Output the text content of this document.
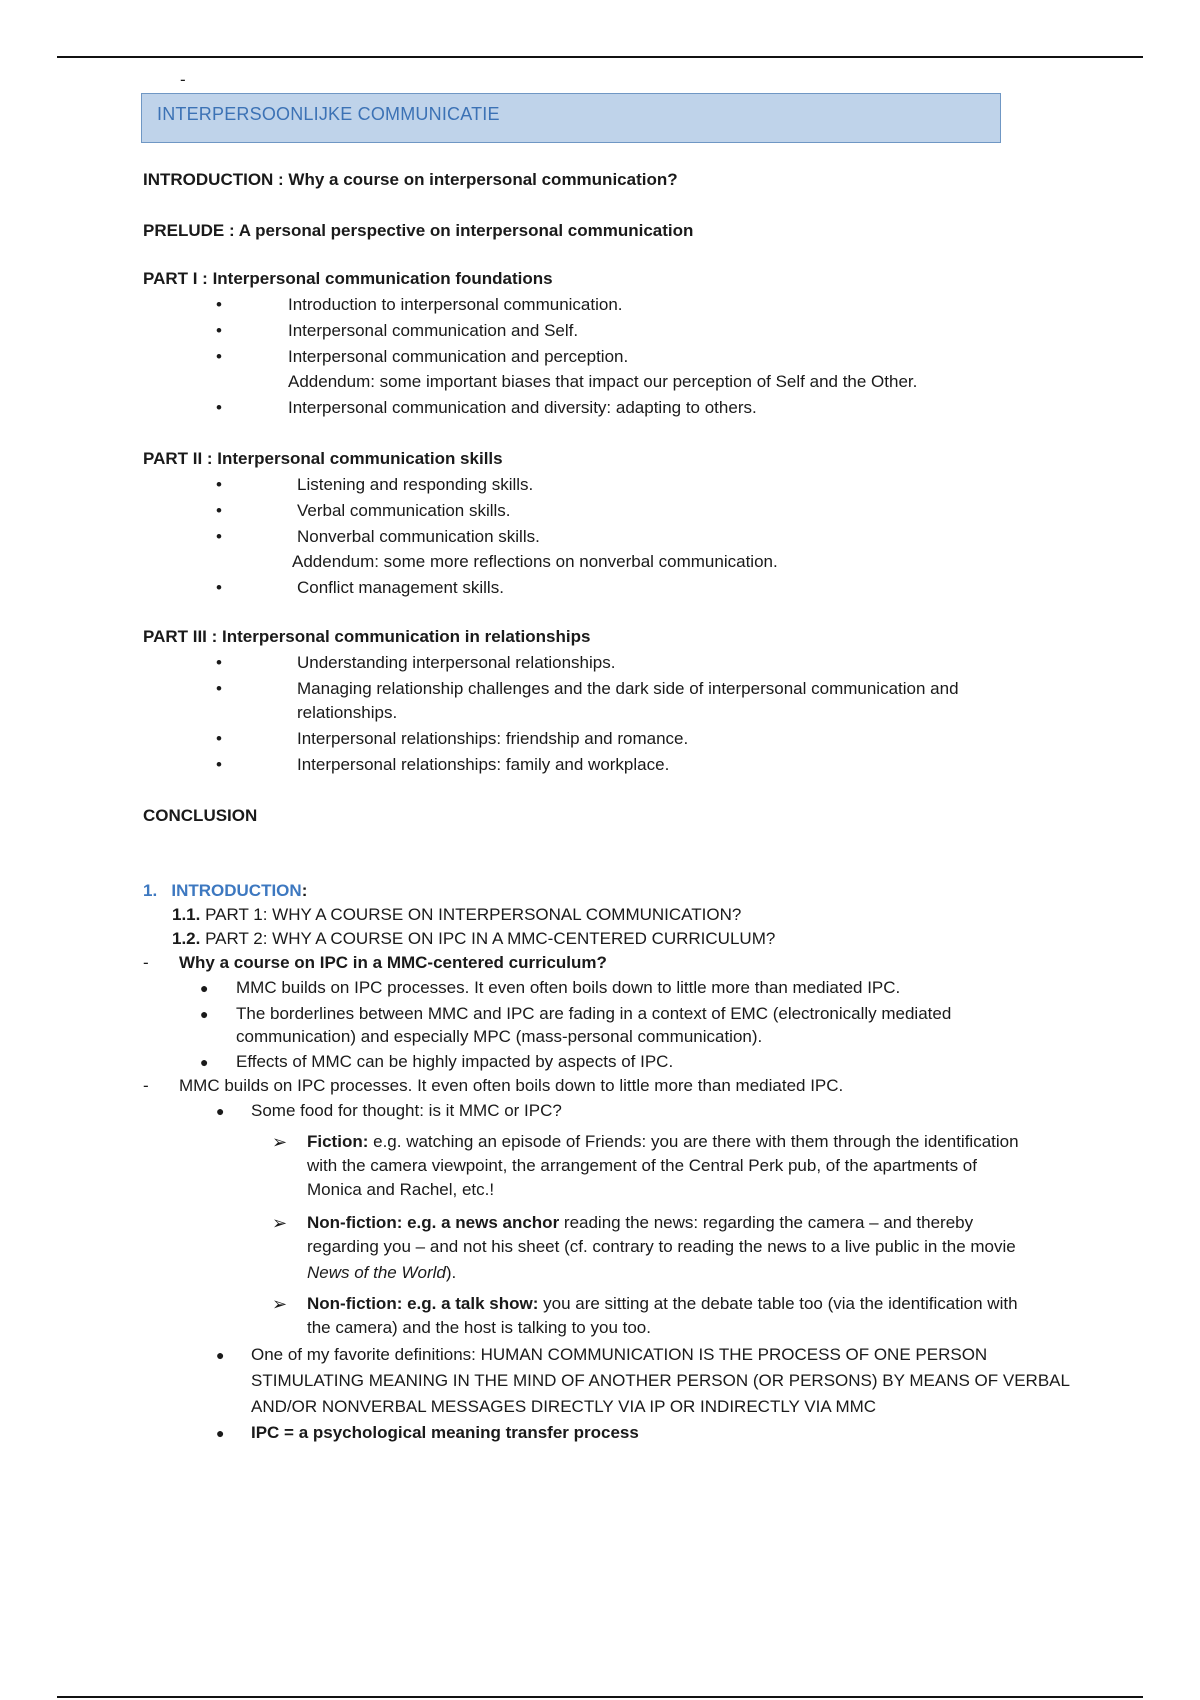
-
INTERPERSOONLIJKE COMMUNICATIE
INTRODUCTION : Why a course on interpersonal communication?
PRELUDE : A personal perspective on interpersonal communication
PART I : Interpersonal communication foundations
•	Introduction to interpersonal communication.
•	Interpersonal communication and Self.
•	Interpersonal communication and perception.
Addendum: some important biases that impact our perception of Self and the Other.
•	Interpersonal communication and diversity: adapting to others.
PART II : Interpersonal communication skills
•	Listening and responding skills.
•	Verbal communication skills.
•	Nonverbal communication skills.
Addendum: some more reflections on nonverbal communication.
•	Conflict management skills.
PART III : Interpersonal communication in relationships
•	Understanding interpersonal relationships.
•	Managing relationship challenges and the dark side of interpersonal communication and
relationships.
•	Interpersonal relationships: friendship and romance.
•	Interpersonal relationships: family and workplace.
CONCLUSION
1. INTRODUCTION:
1.1. PART 1: WHY A COURSE ON INTERPERSONAL COMMUNICATION?
1.2. PART 2: WHY A COURSE ON IPC IN A MMC-CENTERED CURRICULUM?
- Why a course on IPC in a MMC-centered curriculum?
● MMC builds on IPC processes. It even often boils down to little more than mediated IPC.
● The borderlines between MMC and IPC are fading in a context of EMC (electronically mediated
communication) and especially MPC (mass-personal communication).
● Effects of MMC can be highly impacted by aspects of IPC.
- MMC builds on IPC processes. It even often boils down to little more than mediated IPC.
● Some food for thought: is it MMC or IPC?
➢ Fiction: e.g. watching an episode of Friends: you are there with them through the identification
with the camera viewpoint, the arrangement of the Central Perk pub, of the apartments of
Monica and Rachel, etc.!
➢ Non-fiction: e.g. a news anchor reading the news: regarding the camera – and thereby
regarding you – and not his sheet (cf. contrary to reading the news to a live public in the movie
News of the World).
➢ Non-fiction: e.g. a talk show: you are sitting at the debate table too (via the identification with
the camera) and the host is talking to you too.
● One of my favorite definitions: HUMAN COMMUNICATION IS THE PROCESS OF ONE PERSON
STIMULATING MEANING IN THE MIND OF ANOTHER PERSON (OR PERSONS) BY MEANS OF VERBAL
AND/OR NONVERBAL MESSAGES DIRECTLY VIA IP OR INDIRECTLY VIA MMC
● IPC = a psychological meaning transfer process
